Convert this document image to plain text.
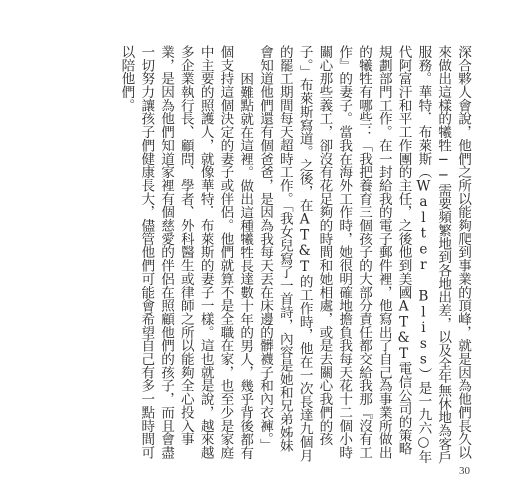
深合夥人會說，他們之所以能夠爬到事業的頂峰，就是因為他們長久以來做出這樣的犧牲──需要頻繁地到各地出差，以及全年無休地為客戶服務。華特．布萊斯（Walter Bliss）是一九六○年代阿富汗和平工作團的主任，之後他到美國AT&T電信公司的策略規劃部門工作。在一封給我的電子郵件裡，他寫出了自己為事業所做出的犧牲有哪些：「我把養育三個孩子的大部分責任都交給我那『沒有工作』的妻子。當我在海外工作時，她很明確地擔負我每天花十二個小時關心那些義工，卻沒有花足夠的時間和她相處，或是去關心我們的孩子。」布萊斯寫道。之後，在AT&T的工作時，他在一次長達九個月的罷工期間每天超時工作。「我女兒寫了一首詩，內容是她和兄弟姊妹會知道他們還有個爸爸，是因為我每天丟在床邊的髒襪子和內衣褲。」

困難點就在這裡。做出這種犧牲長達數十年的男人，幾乎背後都有個支持這個決定的妻子或伴侶。他們就算不是全職在家，也至少是家庭中主要的照護人，就像華特．布萊斯的妻子一樣。這也就是說，越來越多企業執行長、顧問、學者、外科醫生或律師之所以能夠全心投入事業，是因為他們知道家裡有個慈愛的伴侶在照顧他們的孩子，而且會盡一切努力讓孩子們健康長大，儘管他們可能會希望自己有多一點時間可以陪他們。

30
